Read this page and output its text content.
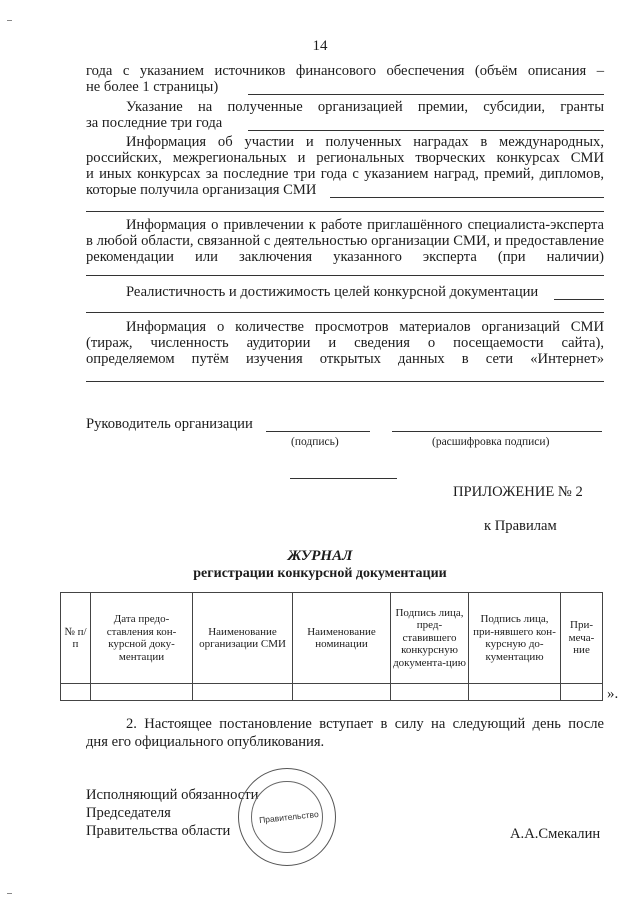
14
года с указанием источников финансового обеспечения (объём описания –
не более 1 страницы)
Указание на полученные организацией премии, субсидии, гранты
за последние три года
Информация об участии и полученных наградах в международных,
российских, межрегиональных и региональных творческих конкурсах СМИ
и иных конкурсах за последние три года с указанием наград, премий, дипломов,
которые получила организация СМИ
Информация о привлечении к работе приглашённого специалиста-эксперта
в любой области, связанной с деятельностью организации СМИ, и предоставление
рекомендации или заключения указанного эксперта (при наличии)
Реалистичность и достижимость целей конкурсной документации
Информация о количестве просмотров материалов организаций СМИ
(тираж, численность аудитории и сведения о посещаемости сайта),
определяемом путём изучения открытых данных в сети «Интернет»
Руководитель организации
(подпись)	(расшифровка подписи)
ПРИЛОЖЕНИЕ № 2
к Правилам
ЖУРНАЛ
регистрации конкурсной документации
№ п/п	Дата предо-ставления кон-курсной доку-ментации	Наименование организации СМИ	Наименование номинации	Подпись лица, пред-ставившего конкурсную документа-цию	Подпись лица, при-нявшего кон-курсную до-кументацию	При-меча-ние

».
2. Настоящее постановление вступает в силу на следующий день после
дня его официального опубликования.
Исполняющий обязанности
Председателя
Правительства области	А.А.Смекалин
Правительство
